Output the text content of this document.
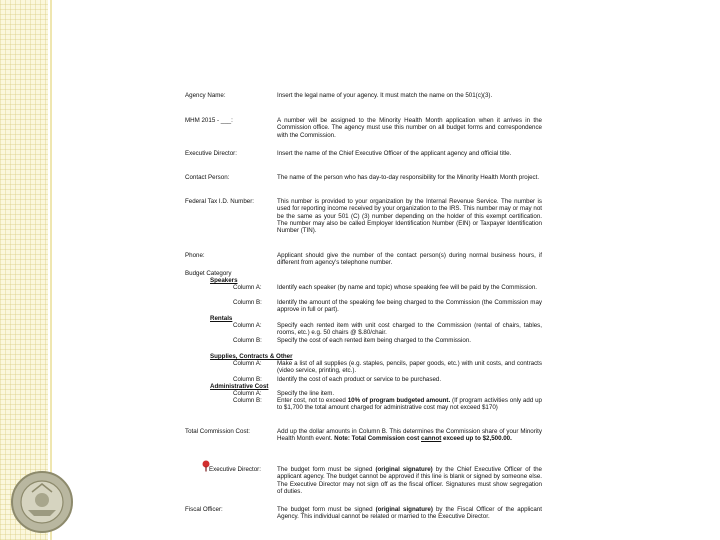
Agency Name:	Insert the legal name of your agency. It must match the name on the 501(c)(3).
MHM 2015 - ___:	A number will be assigned to the Minority Health Month application when it arrives in the Commission office. The agency must use this number on all budget forms and correspondence with the Commission.
Executive Director:	Insert the name of the Chief Executive Officer of the applicant agency and official title.
Contact Person:	The name of the person who has day-to-day responsibility for the Minority Health Month project.
Federal Tax I.D. Number:	This number is provided to your organization by the Internal Revenue Service. The number is used for reporting income received by your organization to the IRS. This number may or may not be the same as your 501 (C) (3) number depending on the holder of this exempt certification. The number may also be called Employer Identification Number (EIN) or Taxpayer Identification Number (TIN).
Phone:	Applicant should give the number of the contact person(s) during normal business hours, if different from agency's telephone number.
Budget Category
Speakers
Column A: Identify each speaker (by name and topic) whose speaking fee will be paid by the Commission.
Column B: Identify the amount of the speaking fee being charged to the Commission (the Commission may approve in full or part).
Rentals
Column A: Specify each rented item with unit cost charged to the Commission (rental of chairs, tables, rooms, etc.) e.g. 50 chairs @ $.80/chair.
Column B: Specify the cost of each rented item being charged to the Commission.
Supplies, Contracts & Other
Column A: Make a list of all supplies (e.g. staples, pencils, paper goods, etc.) with unit costs, and contracts (video service, printing, etc.).
Column B: Identify the cost of each product or service to be purchased.
Administrative Cost
Column A: Specify the line item.
Column B: Enter cost, not to exceed 10% of program budgeted amount. (If program activities only add up to $1,700 the total amount charged for administrative cost may not exceed $170)
Total Commission Cost:	Add up the dollar amounts in Column B. This determines the Commission share of your Minority Health Month event. Note: Total Commission cost cannot exceed up to $2,500.00.
Executive Director:	The budget form must be signed (original signature) by the Chief Executive Officer of the applicant agency. The budget cannot be approved if this line is blank or signed by someone else. The Executive Director may not sign off as the fiscal officer. Signatures must show segregation of duties.
Fiscal Officer:	The budget form must be signed (original signature) by the Fiscal Officer of the applicant Agency. This individual cannot be related or married to the Executive Director.
